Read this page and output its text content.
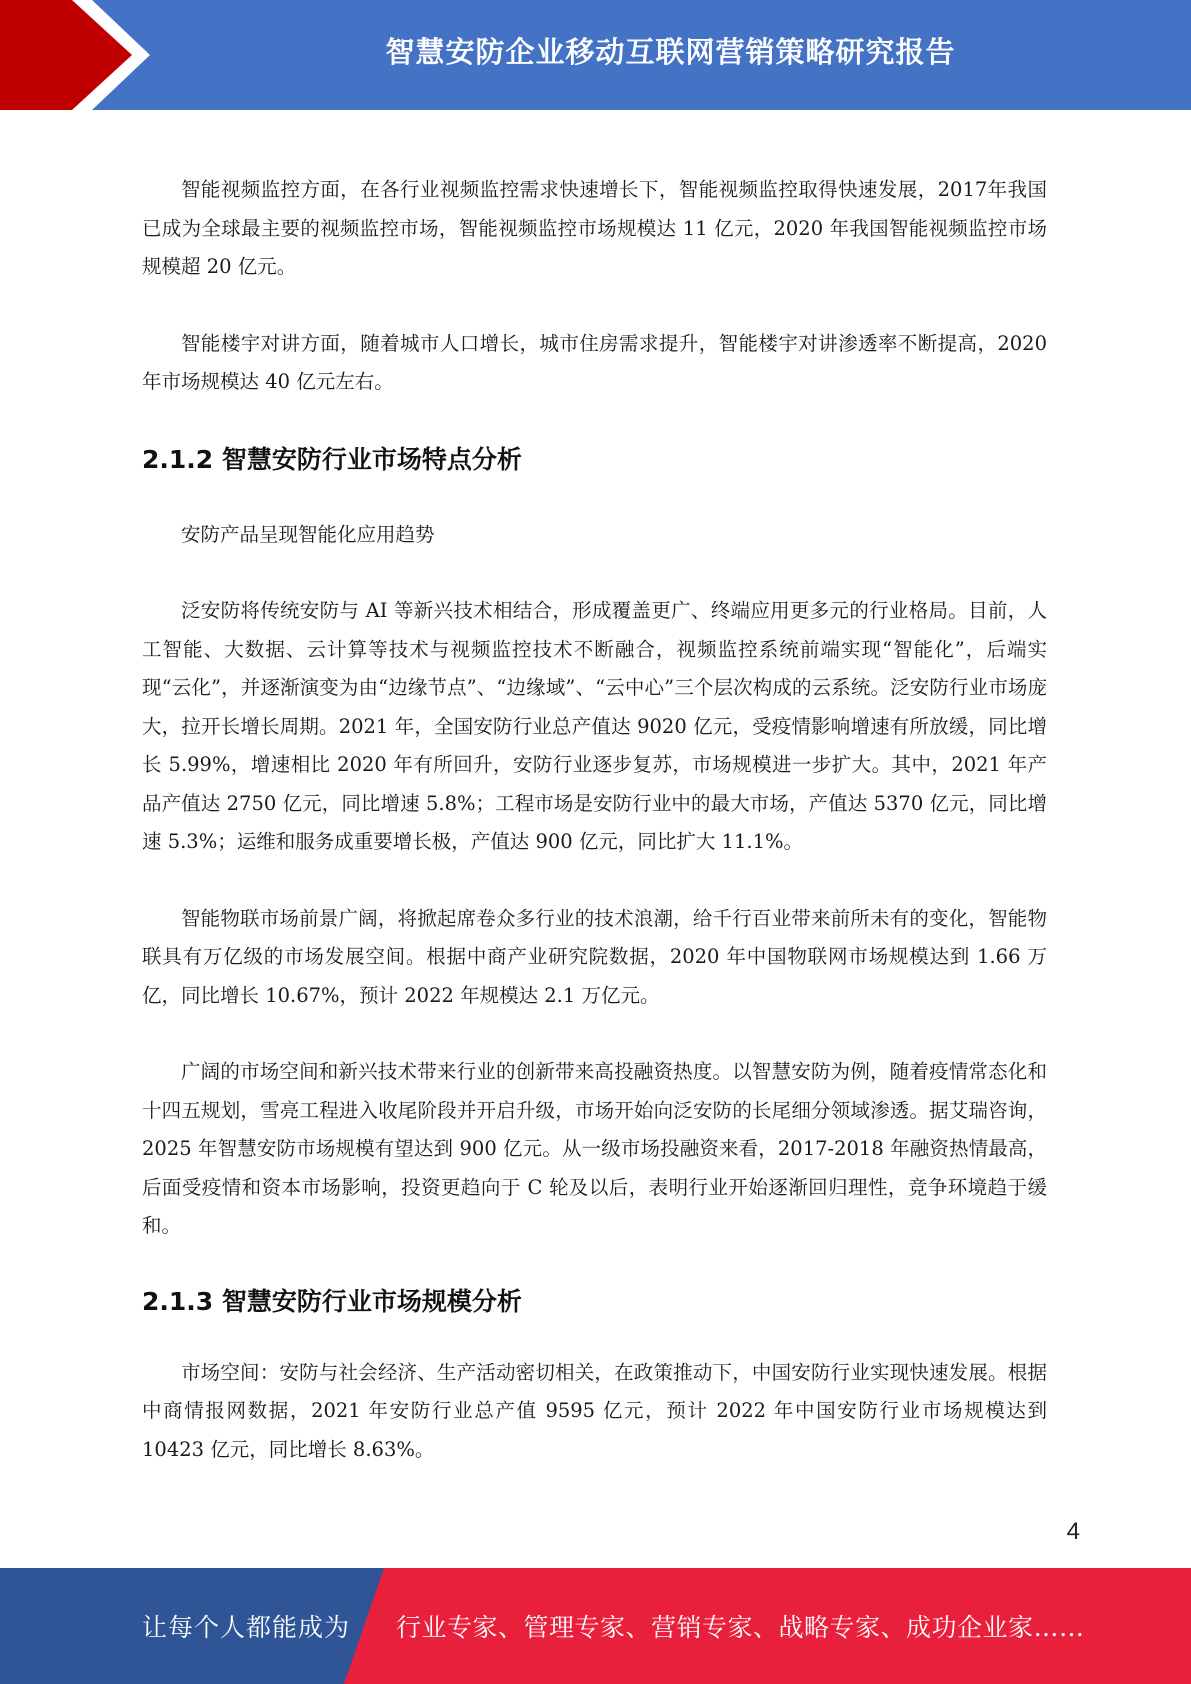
智慧安防企业移动互联网营销策略研究报告

智能视频监控方面，在各行业视频监控需求快速增长下，智能视频监控取得快速发展，2017年我国已成为全球最主要的视频监控市场，智能视频监控市场规模达 11 亿元，2020 年我国智能视频监控市场规模超 20 亿元。

智能楼宇对讲方面，随着城市人口增长，城市住房需求提升，智能楼宇对讲渗透率不断提高，2020 年市场规模达 40 亿元左右。

2.1.2 智慧安防行业市场特点分析

安防产品呈现智能化应用趋势

泛安防将传统安防与 AI 等新兴技术相结合，形成覆盖更广、终端应用更多元的行业格局。目前，人工智能、大数据、云计算等技术与视频监控技术不断融合，视频监控系统前端实现“智能化”，后端实现“云化”，并逐渐演变为由“边缘节点”、“边缘域”、“云中心”三个层次构成的云系统。泛安防行业市场庞大，拉开长增长周期。2021 年，全国安防行业总产值达 9020 亿元，受疫情影响增速有所放缓，同比增长 5.99%，增速相比 2020 年有所回升，安防行业逐步复苏，市场规模进一步扩大。其中，2021 年产品产值达 2750 亿元，同比增速 5.8%；工程市场是安防行业中的最大市场，产值达 5370 亿元，同比增速 5.3%；运维和服务成重要增长极，产值达 900 亿元，同比扩大 11.1%。

智能物联市场前景广阔，将掀起席卷众多行业的技术浪潮，给千行百业带来前所未有的变化，智能物联具有万亿级的市场发展空间。根据中商产业研究院数据，2020 年中国物联网市场规模达到 1.66 万亿，同比增长 10.67%，预计 2022 年规模达 2.1 万亿元。

广阔的市场空间和新兴技术带来行业的创新带来高投融资热度。以智慧安防为例，随着疫情常态化和十四五规划，雪亮工程进入收尾阶段并开启升级，市场开始向泛安防的长尾细分领域渗透。据艾瑞咨询，2025 年智慧安防市场规模有望达到 900 亿元。从一级市场投融资来看，2017-2018 年融资热情最高，后面受疫情和资本市场影响，投资更趋向于 C 轮及以后，表明行业开始逐渐回归理性，竞争环境趋于缓和。

2.1.3 智慧安防行业市场规模分析

市场空间：安防与社会经济、生产活动密切相关，在政策推动下，中国安防行业实现快速发展。根据中商情报网数据，2021 年安防行业总产值 9595 亿元，预计 2022 年中国安防行业市场规模达到 10423 亿元，同比增长 8.63%。

4
让每个人都能成为 行业专家、管理专家、营销专家、战略专家、成功企业家……
